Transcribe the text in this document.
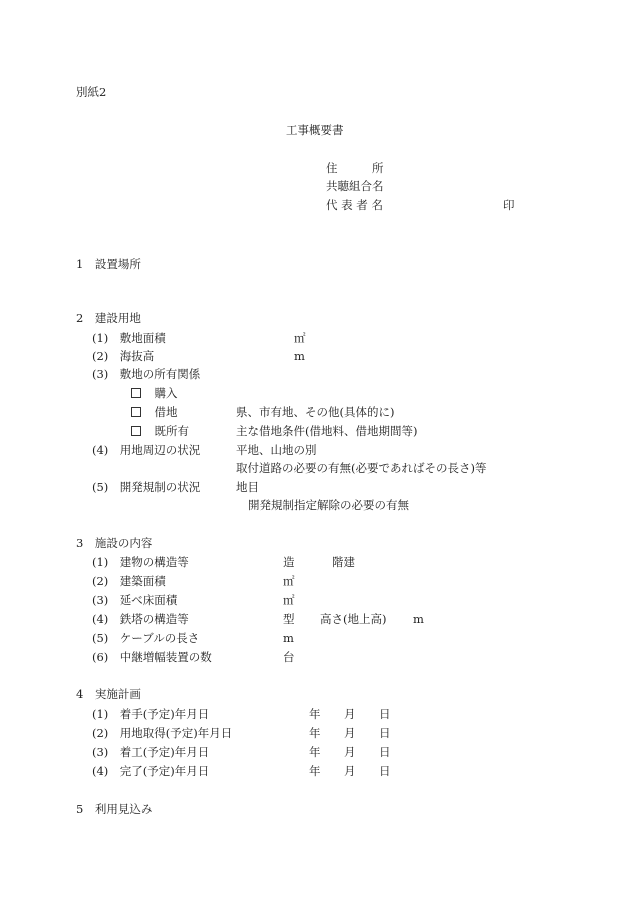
別紙2
工事概要書
住　　　所
共聴組合名
代 表 者 名	印
1　設置場所
2　建設用地
(1)　敷地面積	㎡
(2)　海抜高	m
(3)　敷地の所有関係
　購入
　借地	県、市有地、その他(具体的に)
　既所有	主な借地条件(借地料、借地期間等)
(4)　用地周辺の状況	平地、山地の別
取付道路の必要の有無(必要であればその長さ)等
(5)　開発規制の状況	地目
開発規制指定解除の必要の有無
3　施設の内容
(1)　建物の構造等	造	階建
(2)　建築面積	㎡
(3)　延べ床面積	㎡
(4)　鉄塔の構造等	型 高さ(地上高) m
(5)　ケーブルの長さ	m
(6)　中継増幅装置の数	台
4　実施計画
(1)　着手(予定)年月日	年 月 日
(2)　用地取得(予定)年月日	年 月 日
(3)　着工(予定)年月日	年 月 日
(4)　完了(予定)年月日	年 月 日
5　利用見込み
